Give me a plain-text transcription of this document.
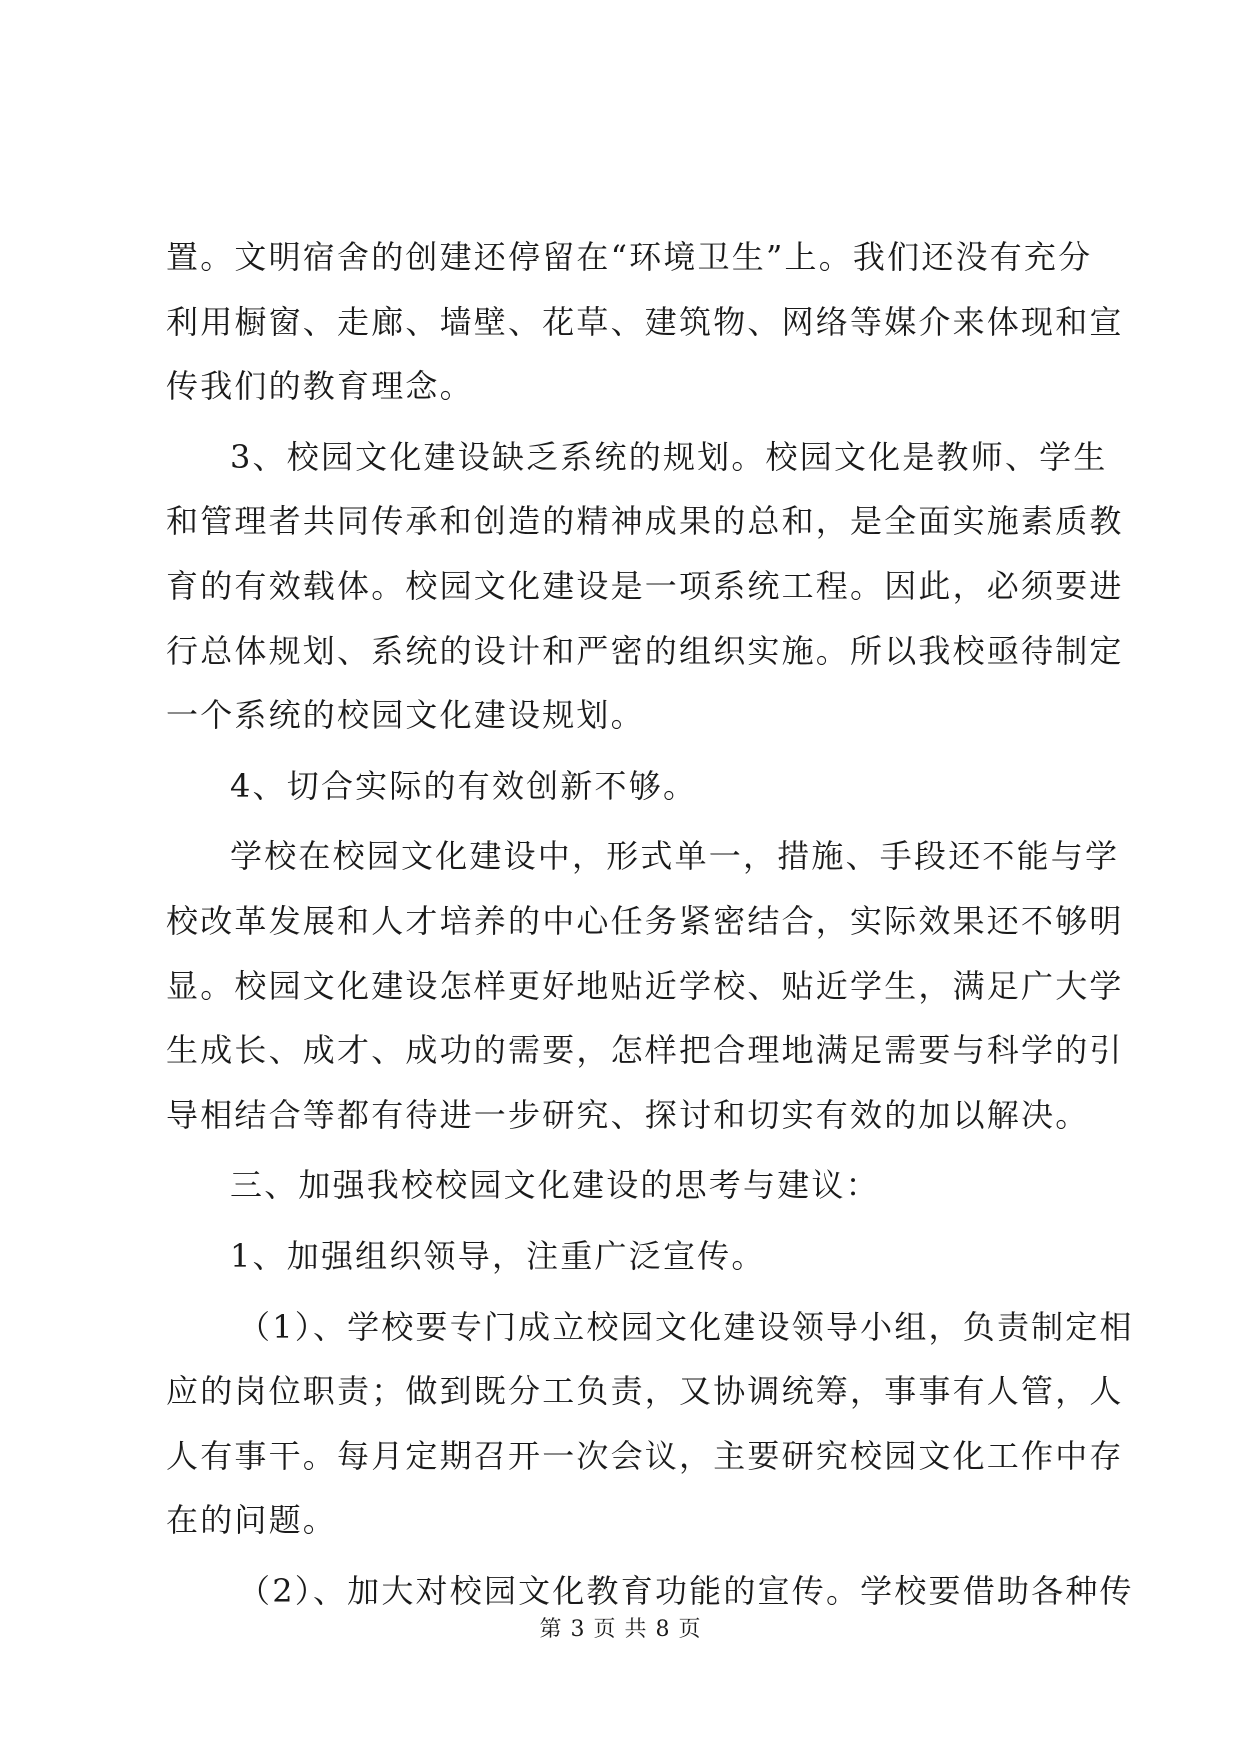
置。文明宿舍的创建还停留在“环境卫生”上。我们还没有充分
利用橱窗、走廊、墙壁、花草、建筑物、网络等媒介来体现和宣
传我们的教育理念。
3、校园文化建设缺乏系统的规划。校园文化是教师、学生
和管理者共同传承和创造的精神成果的总和，是全面实施素质教
育的有效载体。校园文化建设是一项系统工程。因此，必须要进
行总体规划、系统的设计和严密的组织实施。所以我校亟待制定
一个系统的校园文化建设规划。
4、切合实际的有效创新不够。
学校在校园文化建设中，形式单一，措施、手段还不能与学
校改革发展和人才培养的中心任务紧密结合，实际效果还不够明
显。校园文化建设怎样更好地贴近学校、贴近学生，满足广大学
生成长、成才、成功的需要，怎样把合理地满足需要与科学的引
导相结合等都有待进一步研究、探讨和切实有效的加以解决。
三、加强我校校园文化建设的思考与建议：
1、加强组织领导，注重广泛宣传。
（1）、学校要专门成立校园文化建设领导小组，负责制定相
应的岗位职责；做到既分工负责，又协调统筹，事事有人管，人
人有事干。每月定期召开一次会议，主要研究校园文化工作中存
在的问题。
（2）、加大对校园文化教育功能的宣传。学校要借助各种传
第 3 页 共 8 页
